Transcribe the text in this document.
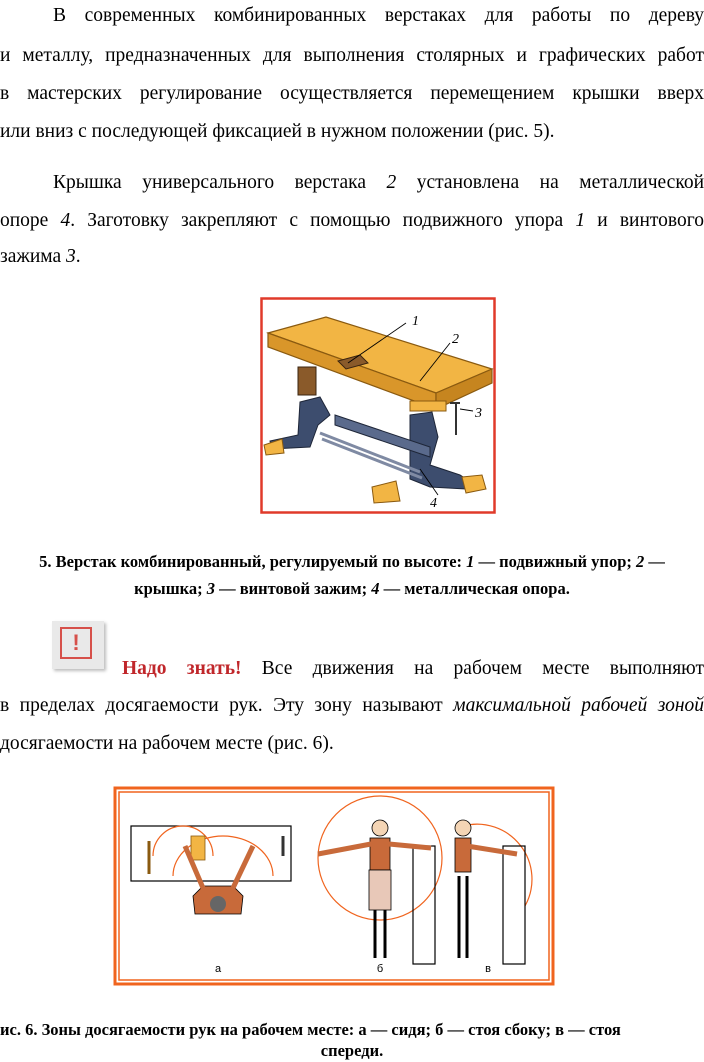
В современных комбинированных верстаках для работы по дереву
и металлу, предназначенных для выполнения столярных и графических работ
в мастерских регулирование осуществляется перемещением крышки вверх
или вниз с последующей фиксацией в нужном положении (рис. 5).
Крышка универсального верстака 2 установлена на металлической
опоре 4. Заготовку закрепляют с помощью подвижного упора 1 и винтового
зажима 3.
1
2
3
4
5. Верстак комбинированный, регулируемый по высоте: 1 — подвижный упор; 2 —
крышка; 3 — винтовой зажим; 4 — металлическая опора.
!
Надо знать! Все движения на рабочем месте выполняют
в пределах досягаемости рук. Эту зону называют максимальной рабочей зоной
досягаемости на рабочем месте (рис. 6).
а	б	в
ис. 6. Зоны досягаемости рук на рабочем месте: а — сидя; б — стоя сбоку; в — стоя
спереди.
